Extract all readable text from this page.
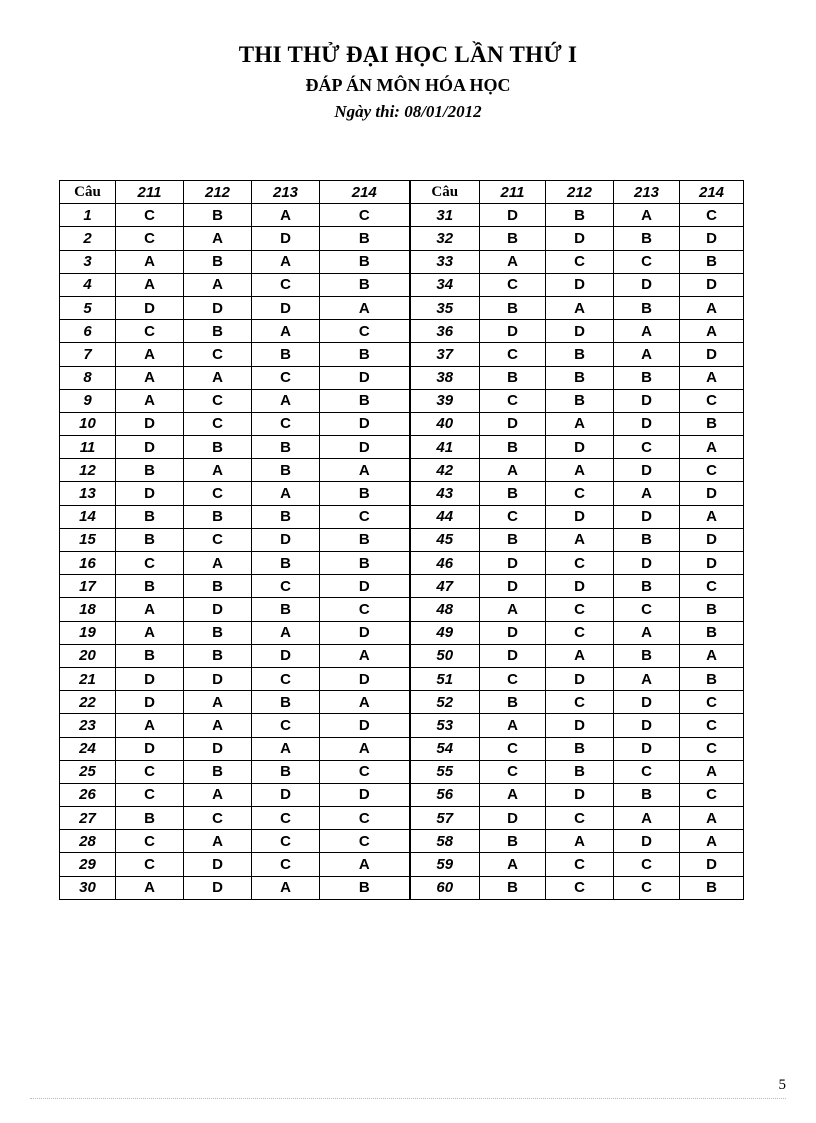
THI THỬ ĐẠI HỌC LẦN THỨ I
ĐÁP ÁN MÔN HÓA HỌC
Ngày thi: 08/01/2012
Câu	211	212	213	214	Câu	211	212	213	214
1	C	B	A	C	31	D	B	A	C
2	C	A	D	B	32	B	D	B	D
3	A	B	A	B	33	A	C	C	B
4	A	A	C	B	34	C	D	D	D
5	D	D	D	A	35	B	A	B	A
6	C	B	A	C	36	D	D	A	A
7	A	C	B	B	37	C	B	A	D
8	A	A	C	D	38	B	B	B	A
9	A	C	A	B	39	C	B	D	C
10	D	C	C	D	40	D	A	D	B
11	D	B	B	D	41	B	D	C	A
12	B	A	B	A	42	A	A	D	C
13	D	C	A	B	43	B	C	A	D
14	B	B	B	C	44	C	D	D	A
15	B	C	D	B	45	B	A	B	D
16	C	A	B	B	46	D	C	D	D
17	B	B	C	D	47	D	D	B	C
18	A	D	B	C	48	A	C	C	B
19	A	B	A	D	49	D	C	A	B
20	B	B	D	A	50	D	A	B	A
21	D	D	C	D	51	C	D	A	B
22	D	A	B	A	52	B	C	D	C
23	A	A	C	D	53	A	D	D	C
24	D	D	A	A	54	C	B	D	C
25	C	B	B	C	55	C	B	C	A
26	C	A	D	D	56	A	D	B	C
27	B	C	C	C	57	D	C	A	A
28	C	A	C	C	58	B	A	D	A
29	C	D	C	A	59	A	C	C	D
30	A	D	A	B	60	B	C	C	B
5
